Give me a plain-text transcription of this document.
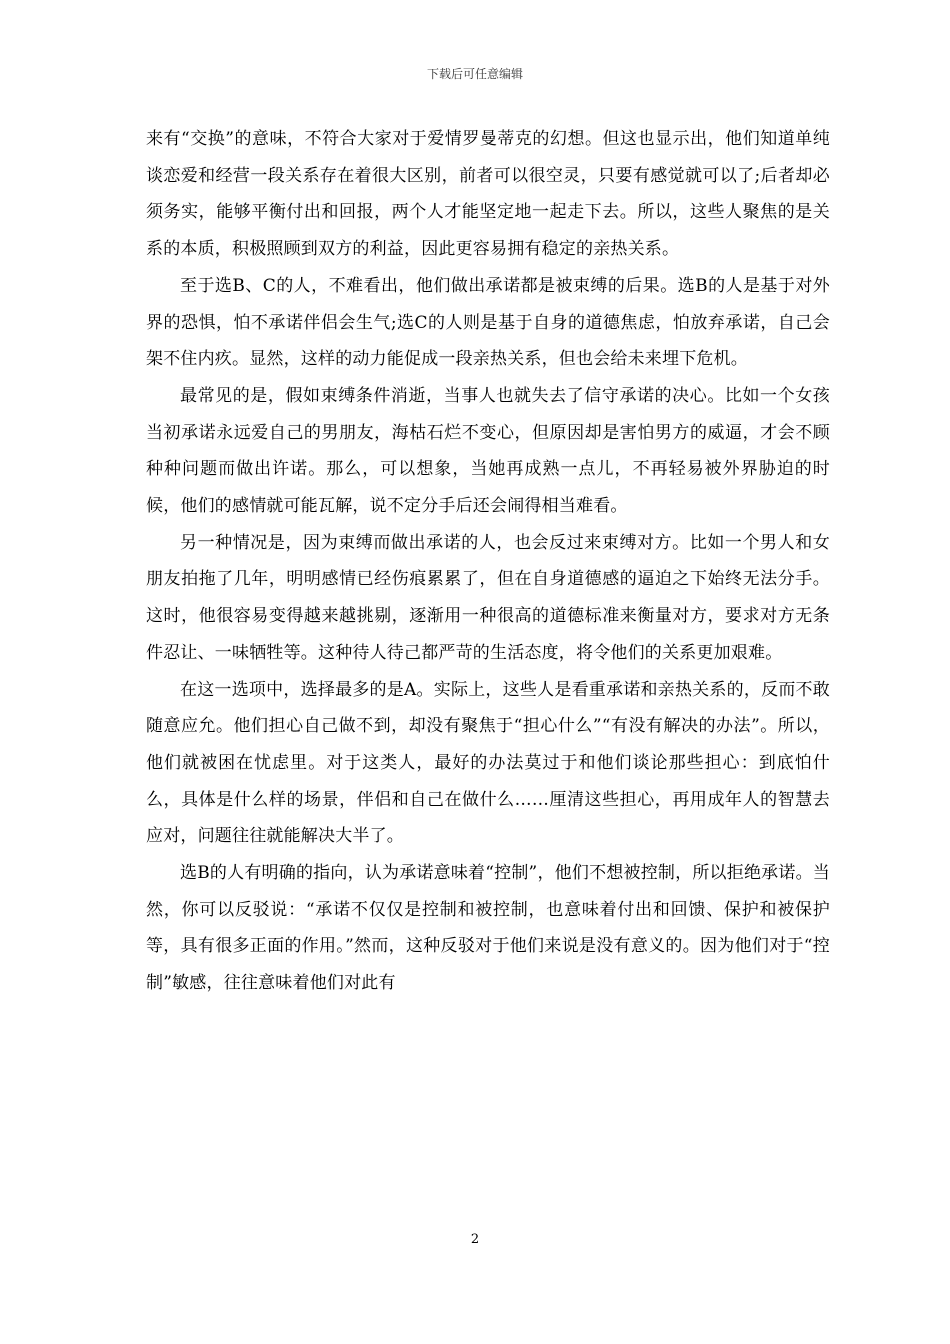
下载后可任意编辑

来有“交换”的意味，不符合大家对于爱情罗曼蒂克的幻想。但这也显示出，他们知道单纯谈恋爱和经营一段关系存在着很大区别，前者可以很空灵，只要有感觉就可以了;后者却必须务实，能够平衡付出和回报，两个人才能坚定地一起走下去。所以，这些人聚焦的是关系的本质，积极照顾到双方的利益，因此更容易拥有稳定的亲热关系。

至于选B、C的人，不难看出，他们做出承诺都是被束缚的后果。选B的人是基于对外界的恐惧，怕不承诺伴侣会生气;选C的人则是基于自身的道德焦虑，怕放弃承诺，自己会架不住内疚。显然，这样的动力能促成一段亲热关系，但也会给未来埋下危机。

最常见的是，假如束缚条件消逝，当事人也就失去了信守承诺的决心。比如一个女孩当初承诺永远爱自己的男朋友，海枯石烂不变心，但原因却是害怕男方的威逼，才会不顾种种问题而做出许诺。那么，可以想象，当她再成熟一点儿，不再轻易被外界胁迫的时候，他们的感情就可能瓦解，说不定分手后还会闹得相当难看。

另一种情况是，因为束缚而做出承诺的人，也会反过来束缚对方。比如一个男人和女朋友拍拖了几年，明明感情已经伤痕累累了，但在自身道德感的逼迫之下始终无法分手。这时，他很容易变得越来越挑剔，逐渐用一种很高的道德标准来衡量对方，要求对方无条件忍让、一味牺牲等。这种待人待己都严苛的生活态度，将令他们的关系更加艰难。

在这一选项中，选择最多的是A。实际上，这些人是看重承诺和亲热关系的，反而不敢随意应允。他们担心自己做不到，却没有聚焦于“担心什么”“有没有解决的办法”。所以，他们就被困在忧虑里。对于这类人，最好的办法莫过于和他们谈论那些担心：到底怕什么，具体是什么样的场景，伴侣和自己在做什么……厘清这些担心，再用成年人的智慧去应对，问题往往就能解决大半了。

选B的人有明确的指向，认为承诺意味着“控制”，他们不想被控制，所以拒绝承诺。当然，你可以反驳说：“承诺不仅仅是控制和被控制，也意味着付出和回馈、保护和被保护等，具有很多正面的作用。”然而，这种反驳对于他们来说是没有意义的。因为他们对于“控制”敏感，往往意味着他们对此有

2
